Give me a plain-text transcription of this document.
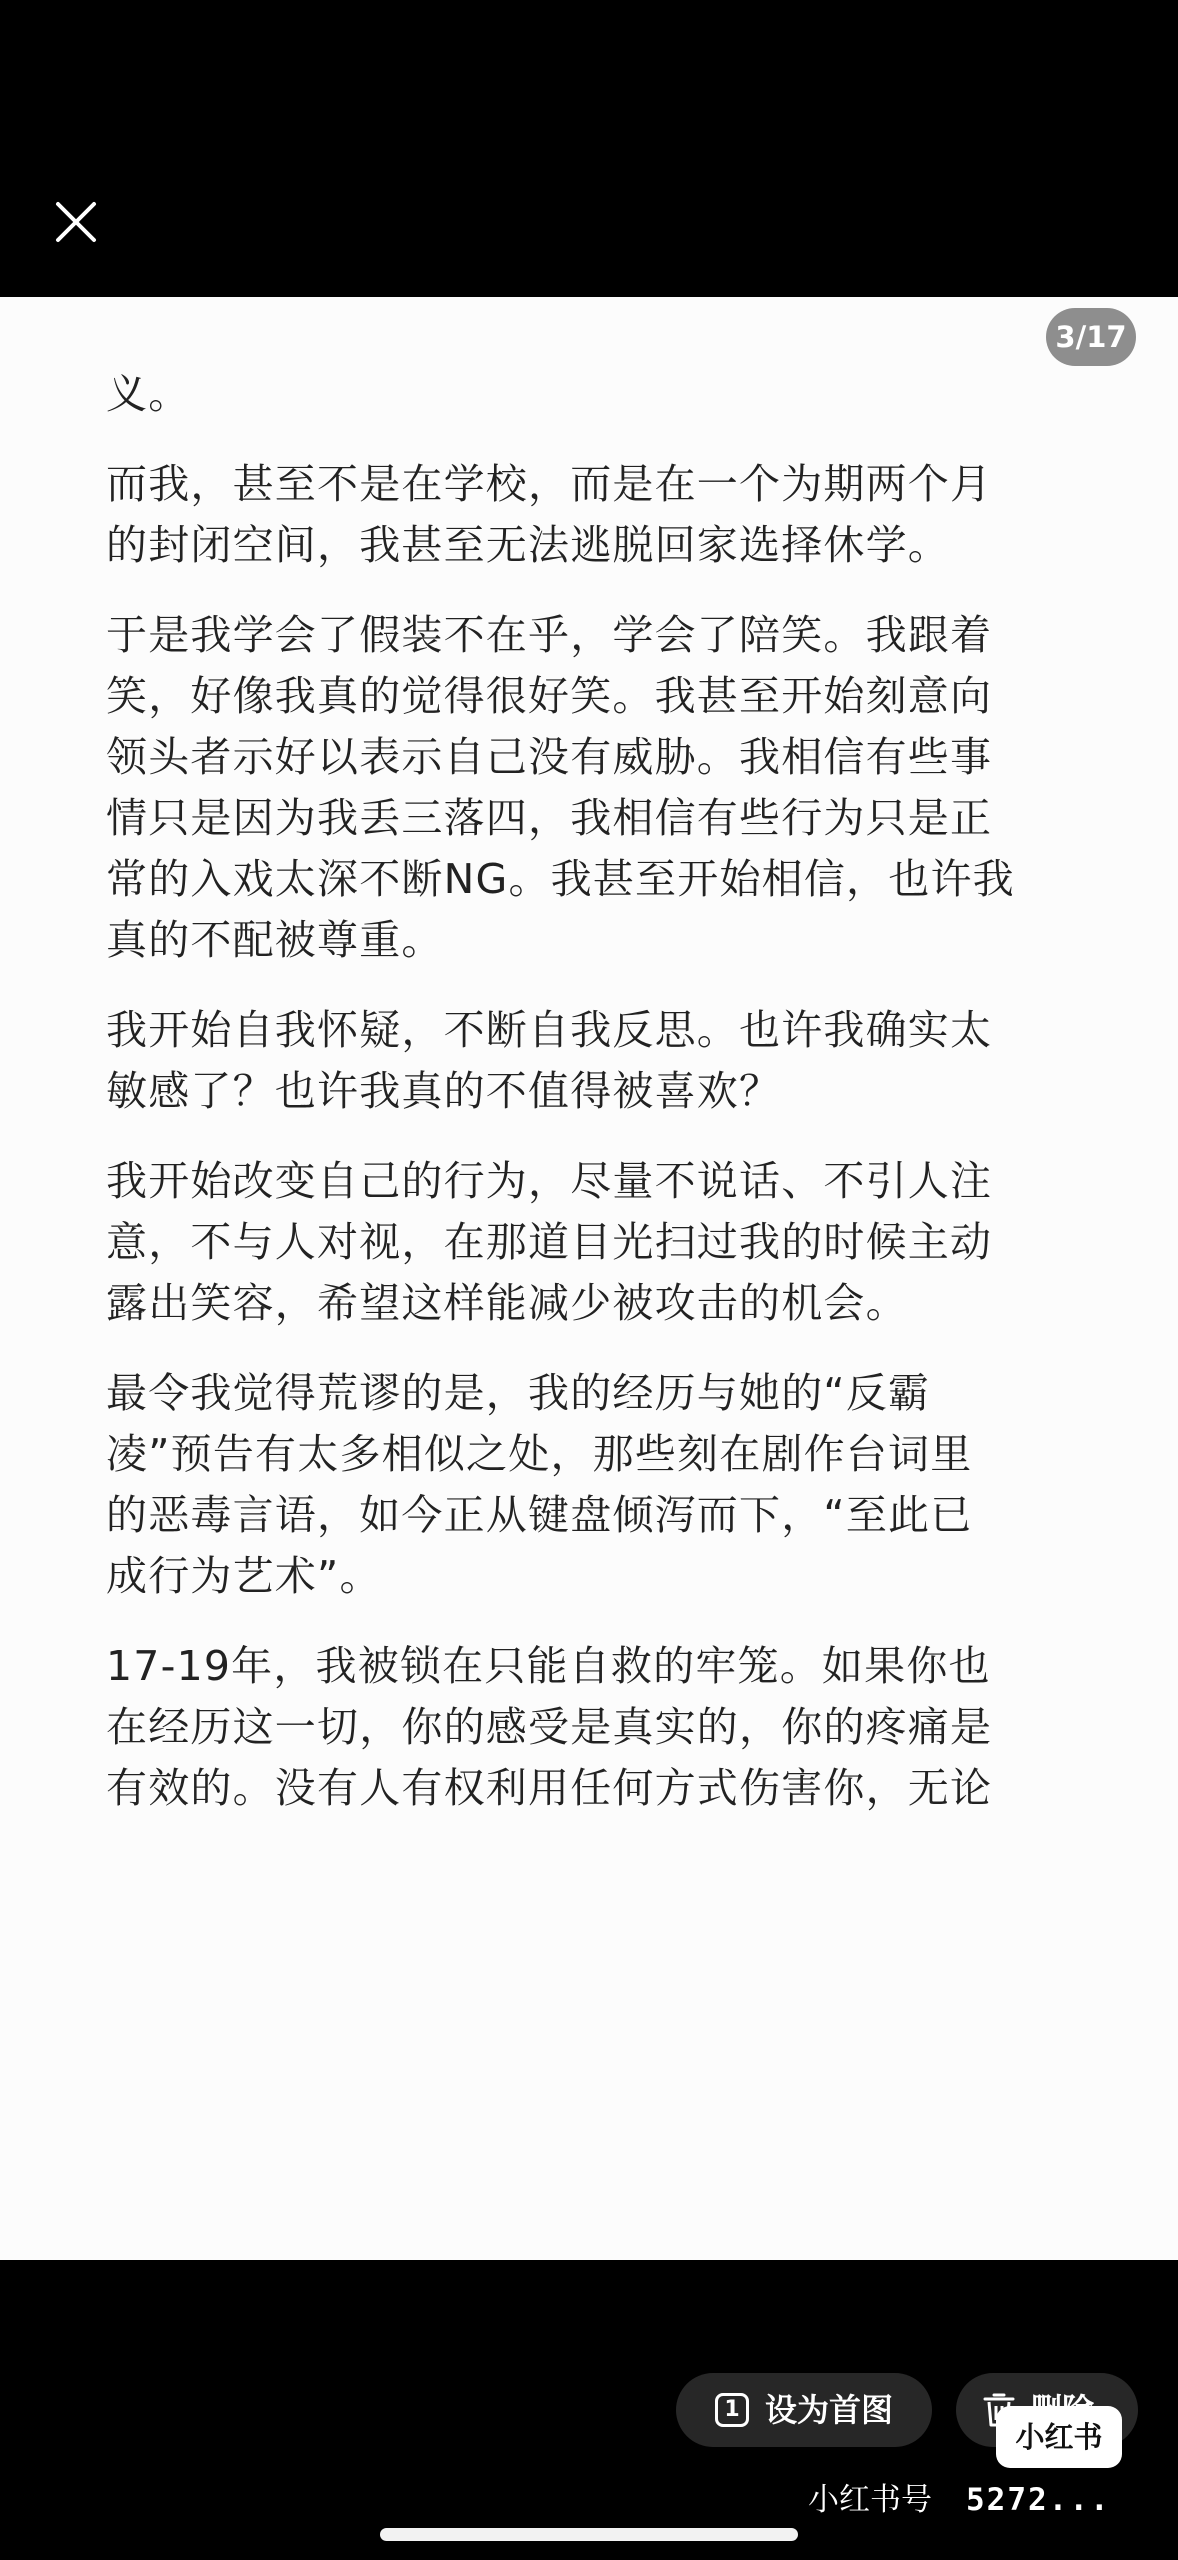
3/17

义。

而我，甚至不是在学校，而是在一个为期两个月
的封闭空间，我甚至无法逃脱回家选择休学。

于是我学会了假装不在乎，学会了陪笑。我跟着
笑，好像我真的觉得很好笑。我甚至开始刻意向
领头者示好以表示自己没有威胁。我相信有些事
情只是因为我丢三落四，我相信有些行为只是正
常的入戏太深不断NG。我甚至开始相信，也许我
真的不配被尊重。

我开始自我怀疑，不断自我反思。也许我确实太
敏感了？也许我真的不值得被喜欢？

我开始改变自己的行为，尽量不说话、不引人注
意，不与人对视，在那道目光扫过我的时候主动
露出笑容，希望这样能减少被攻击的机会。

最令我觉得荒谬的是，我的经历与她的“反霸
凌”预告有太多相似之处，那些刻在剧作台词里
的恶毒言语，如今正从键盘倾泻而下，“至此已
成行为艺术”。

17-19年，我被锁在只能自救的牢笼。如果你也
在经历这一切，你的感受是真实的，你的疼痛是
有效的。没有人有权利用任何方式伤害你，无论

1 设为首图
小红书
小红书号 5272...
